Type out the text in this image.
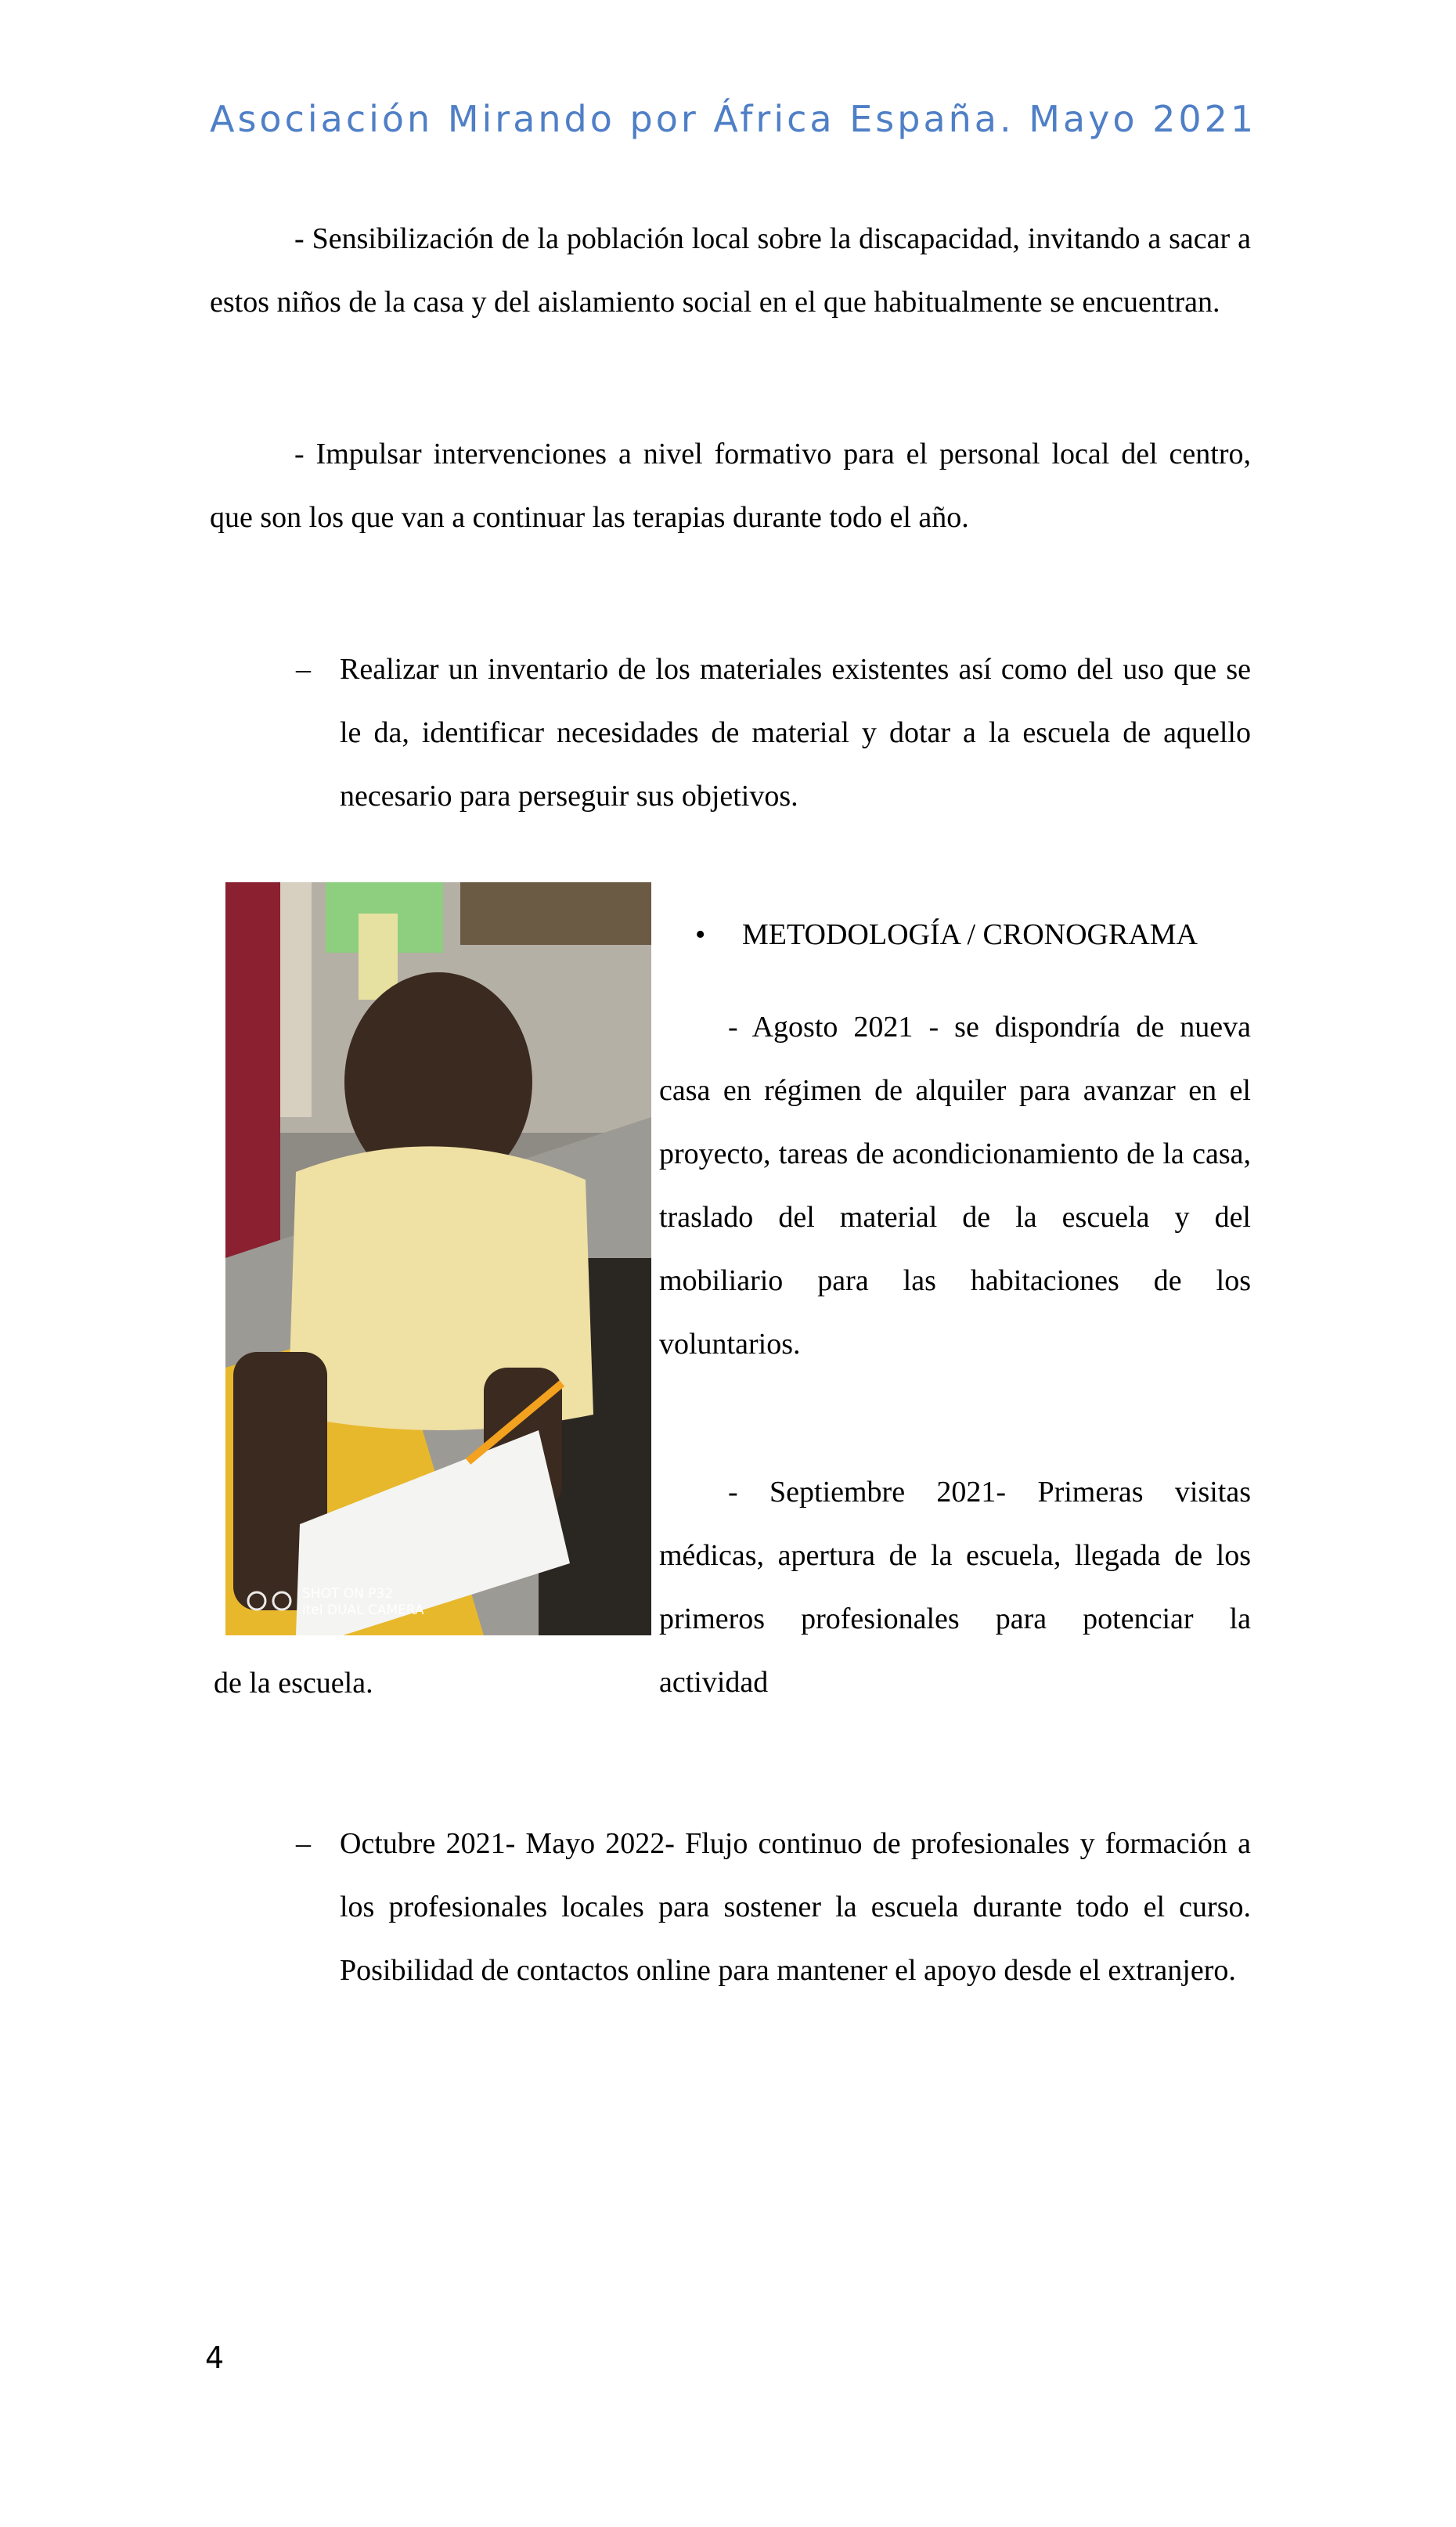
Asociación Mirando por África España. Mayo 2021
- Sensibilización de la población local sobre la discapacidad, invitando a sacar a estos niños de la casa y del aislamiento social en el que habitualmente se encuentran.
- Impulsar intervenciones a nivel formativo para el personal local del centro, que son los que van a continuar las terapias durante todo el año.
– Realizar un inventario de los materiales existentes así como del uso que se le da, identificar necesidades de material y dotar a la escuela de aquello necesario para perseguir sus objetivos.
SHOT ON P32
itel DUAL CAMERA
• METODOLOGÍA / CRONOGRAMA
- Agosto 2021 - se dispondría de nueva casa en régimen de alquiler para avanzar en el proyecto, tareas de acondicionamiento de la casa, traslado del material de la escuela y del mobiliario para las habitaciones de los voluntarios.
- Septiembre 2021- Primeras visitas médicas, apertura de la escuela, llegada de los primeros profesionales para potenciar la actividad
de la escuela.
– Octubre 2021- Mayo 2022- Flujo continuo de profesionales y formación a los profesionales locales para sostener la escuela durante todo el curso. Posibilidad de contactos online para mantener el apoyo desde el extranjero.
4
